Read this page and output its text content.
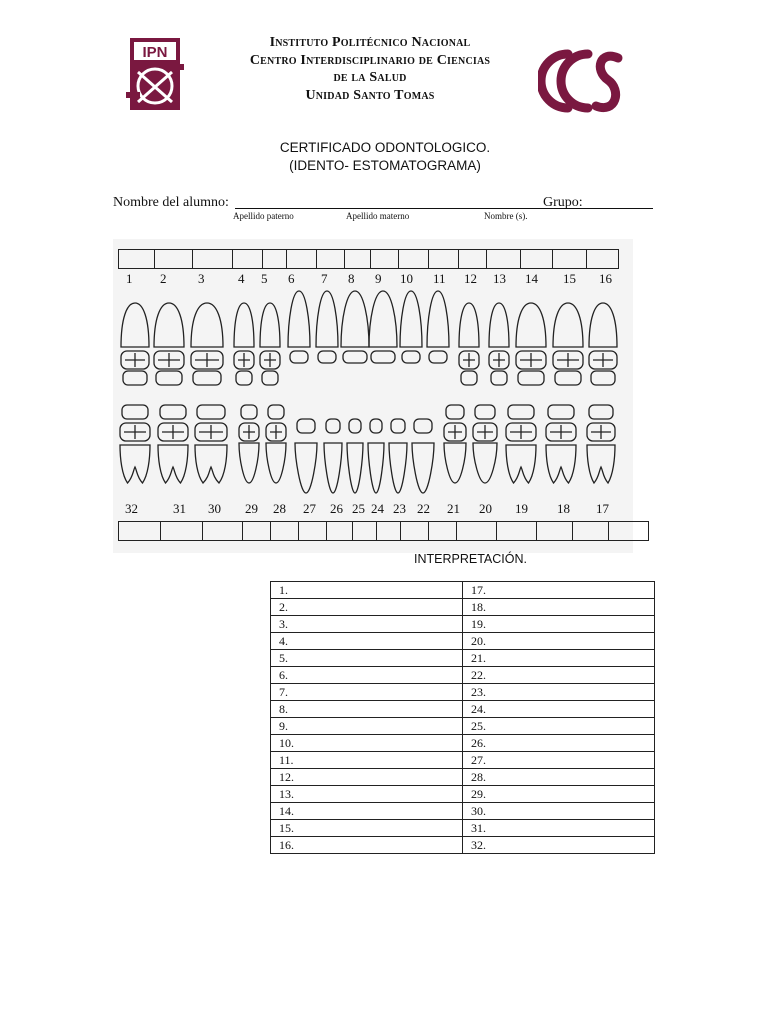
IPN
Instituto Politécnico Nacional
Centro Interdisciplinario de Ciencias
de la Salud
Unidad Santo Tomas
CICS
CERTIFICADO ODONTOLOGICO.
(IDENTO- ESTOMATOGRAMA)
Nombre del alumno:	Grupo:
Apellido paterno	Apellido materno	Nombre (s).
1 2 3	4 5 6 7 8 9 10 11 12 13 14 15 16
32	31 30 29 28 27 26 25 24 23 22 21 20 19 18 17
INTERPRETACIÓN.
1.	17.
2.	18.
3.	19.
4.	20.
5.	21.
6.	22.
7.	23.
8.	24.
9.	25.
10.	26.
11.	27.
12.	28.
13.	29.
14.	30.
15.	31.
16.	32.
